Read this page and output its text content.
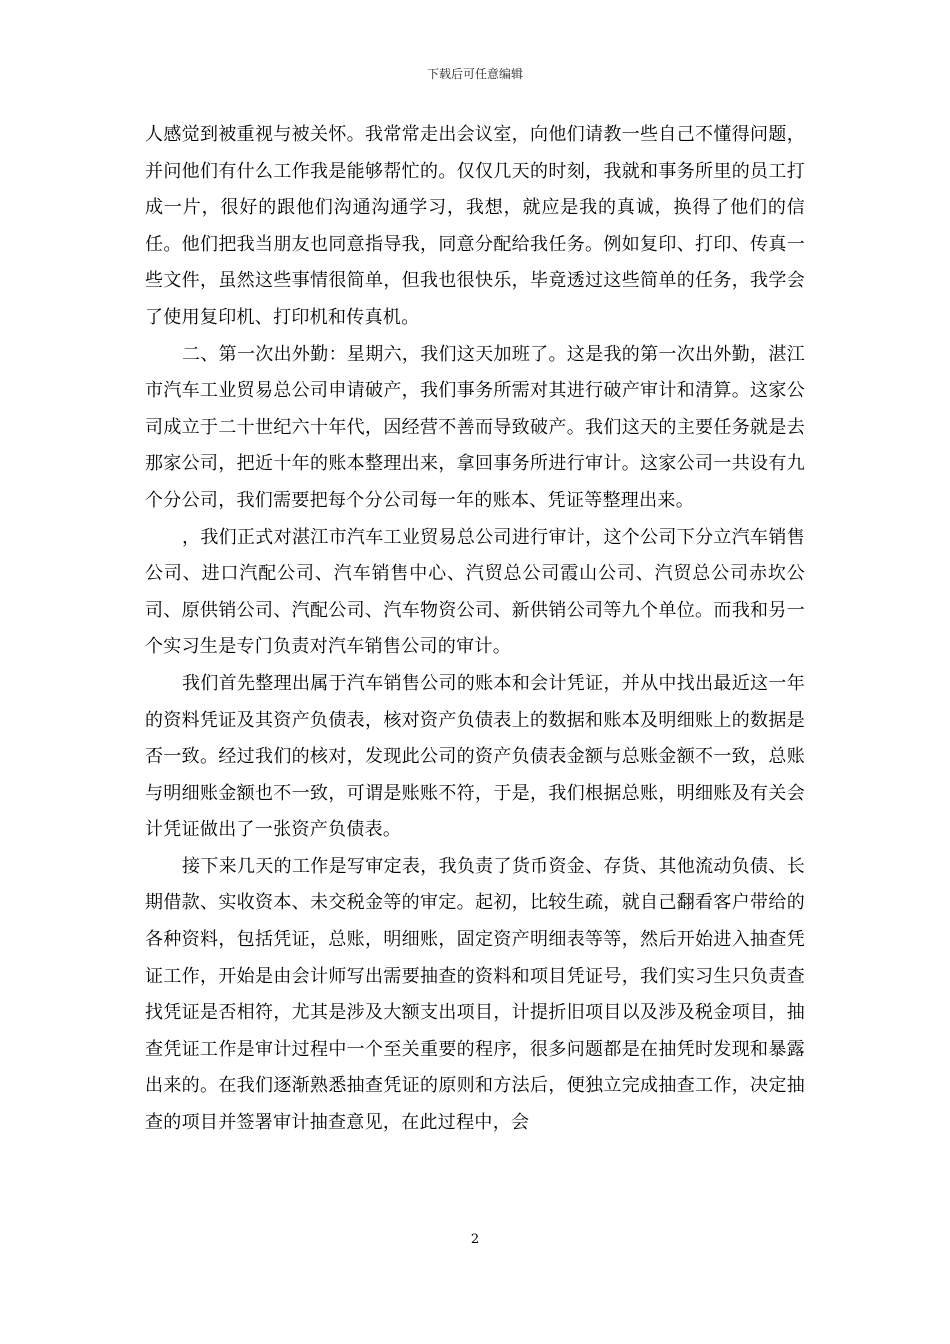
下载后可任意编辑

人感觉到被重视与被关怀。我常常走出会议室，向他们请教一些自己不懂得问题，并问他们有什么工作我是能够帮忙的。仅仅几天的时刻，我就和事务所里的员工打成一片，很好的跟他们沟通沟通学习，我想，就应是我的真诚，换得了他们的信任。他们把我当朋友也同意指导我，同意分配给我任务。例如复印、打印、传真一些文件，虽然这些事情很简单，但我也很快乐，毕竟透过这些简单的任务，我学会了使用复印机、打印机和传真机。

二、第一次出外勤：星期六，我们这天加班了。这是我的第一次出外勤，湛江市汽车工业贸易总公司申请破产，我们事务所需对其进行破产审计和清算。这家公司成立于二十世纪六十年代，因经营不善而导致破产。我们这天的主要任务就是去那家公司，把近十年的账本整理出来，拿回事务所进行审计。这家公司一共设有九个分公司，我们需要把每个分公司每一年的账本、凭证等整理出来。

，我们正式对湛江市汽车工业贸易总公司进行审计，这个公司下分立汽车销售公司、进口汽配公司、汽车销售中心、汽贸总公司霞山公司、汽贸总公司赤坎公司、原供销公司、汽配公司、汽车物资公司、新供销公司等九个单位。而我和另一个实习生是专门负责对汽车销售公司的审计。

我们首先整理出属于汽车销售公司的账本和会计凭证，并从中找出最近这一年的资料凭证及其资产负债表，核对资产负债表上的数据和账本及明细账上的数据是否一致。经过我们的核对，发现此公司的资产负债表金额与总账金额不一致，总账与明细账金额也不一致，可谓是账账不符，于是，我们根据总账，明细账及有关会计凭证做出了一张资产负债表。

接下来几天的工作是写审定表，我负责了货币资金、存货、其他流动负债、长期借款、实收资本、未交税金等的审定。起初，比较生疏，就自己翻看客户带给的各种资料，包括凭证，总账，明细账，固定资产明细表等等，然后开始进入抽查凭证工作，开始是由会计师写出需要抽查的资料和项目凭证号，我们实习生只负责查找凭证是否相符，尤其是涉及大额支出项目，计提折旧项目以及涉及税金项目，抽查凭证工作是审计过程中一个至关重要的程序，很多问题都是在抽凭时发现和暴露出来的。在我们逐渐熟悉抽查凭证的原则和方法后，便独立完成抽查工作，决定抽查的项目并签署审计抽查意见，在此过程中，会

2
